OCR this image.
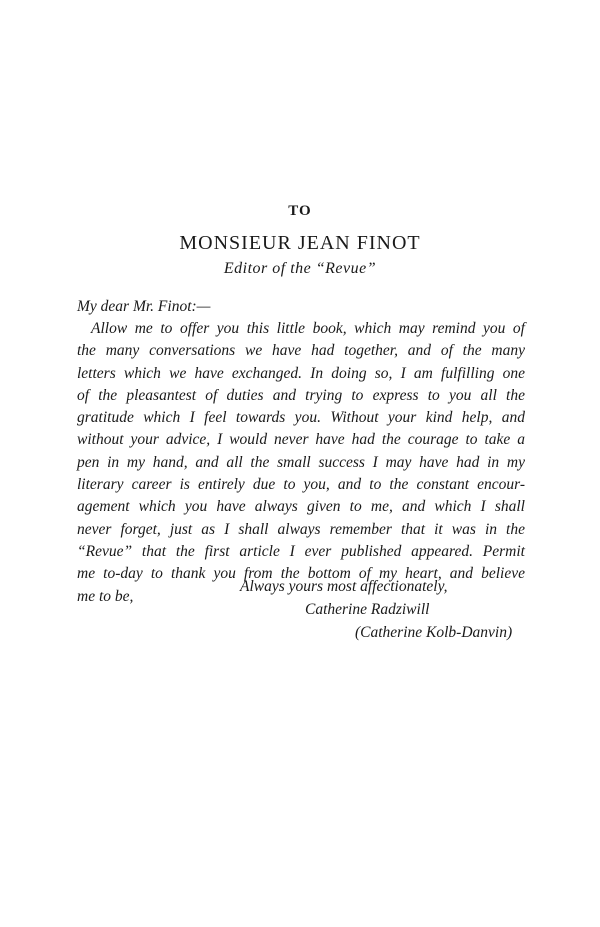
TO
MONSIEUR JEAN FINOT
Editor of the “Revue”
My dear Mr. Finot:—
Allow me to offer you this little book, which may remind you of
the many conversations we have had together, and of the many
letters which we have exchanged. In doing so, I am fulfilling one
of the pleasantest of duties and trying to express to you all the
gratitude which I feel towards you. Without your kind help, and
without your advice, I would never have had the courage to take a
pen in my hand, and all the small success I may have had in my
literary career is entirely due to you, and to the constant encour-
agement which you have always given to me, and which I shall
never forget, just as I shall always remember that it was in the
“Revue” that the first article I ever published appeared. Permit
me to-day to thank you from the bottom of my heart, and believe
me to be,
Always yours most affectionately,
Catherine Radziwill
(Catherine Kolb-Danvin)
